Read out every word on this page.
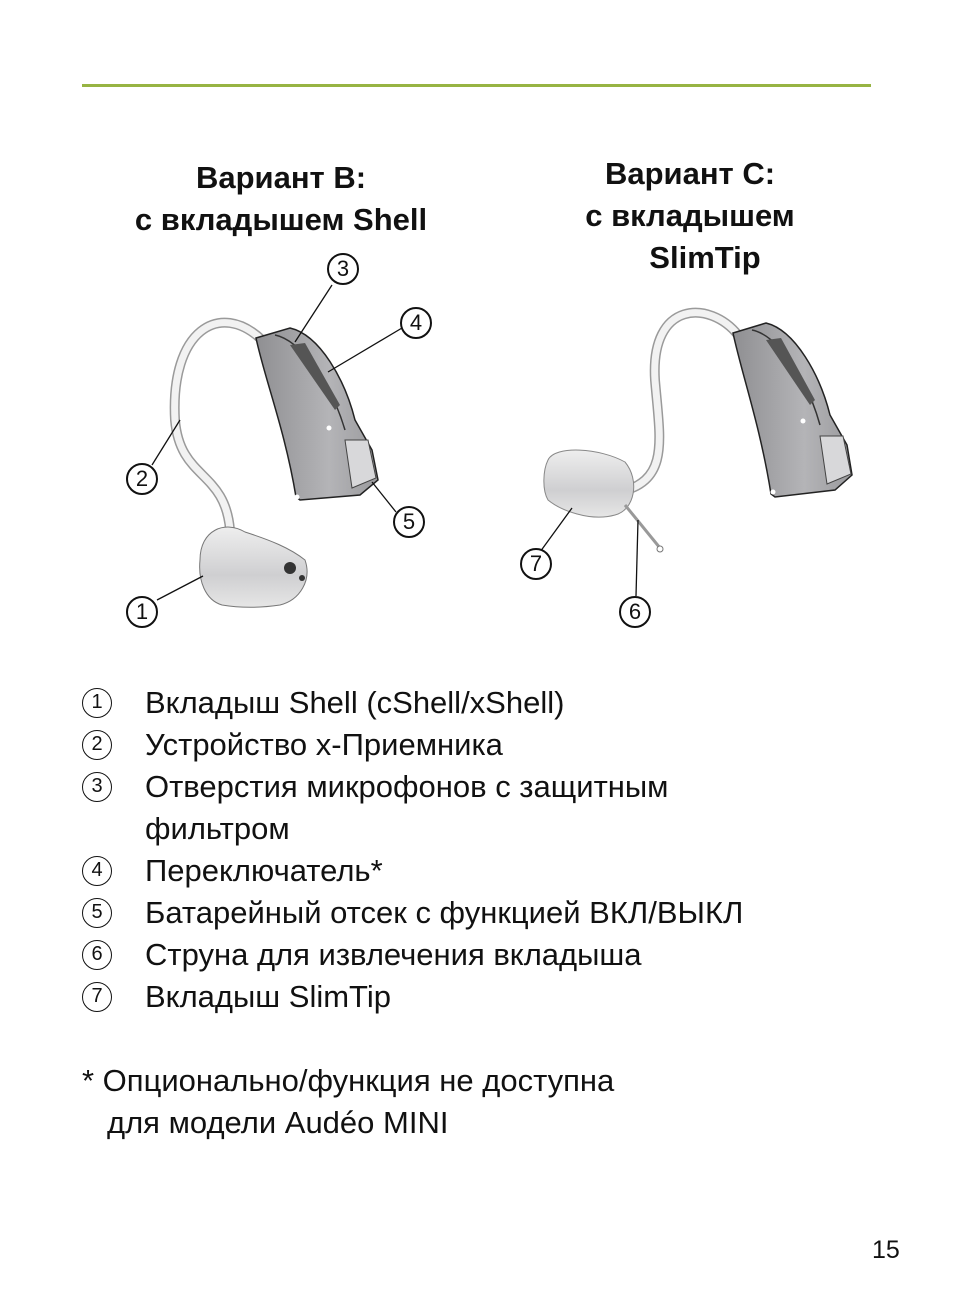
Вариант B:
с вкладышем Shell
Вариант C:
с вкладышем
SlimTip
1
2
3
4
5
6
7
1	Вкладыш Shell (cShell/xShell)
2	Устройство x-Приемника
3	Отверстия микрофонов с защитным
фильтром
4	Переключатель*
5	Батарейный отсек с функцией ВКЛ/ВЫКЛ
6	Струна для извлечения вкладыша
7	Вкладыш SlimTip
* Опционально/функция не доступна
для модели Audéo MINI
15
